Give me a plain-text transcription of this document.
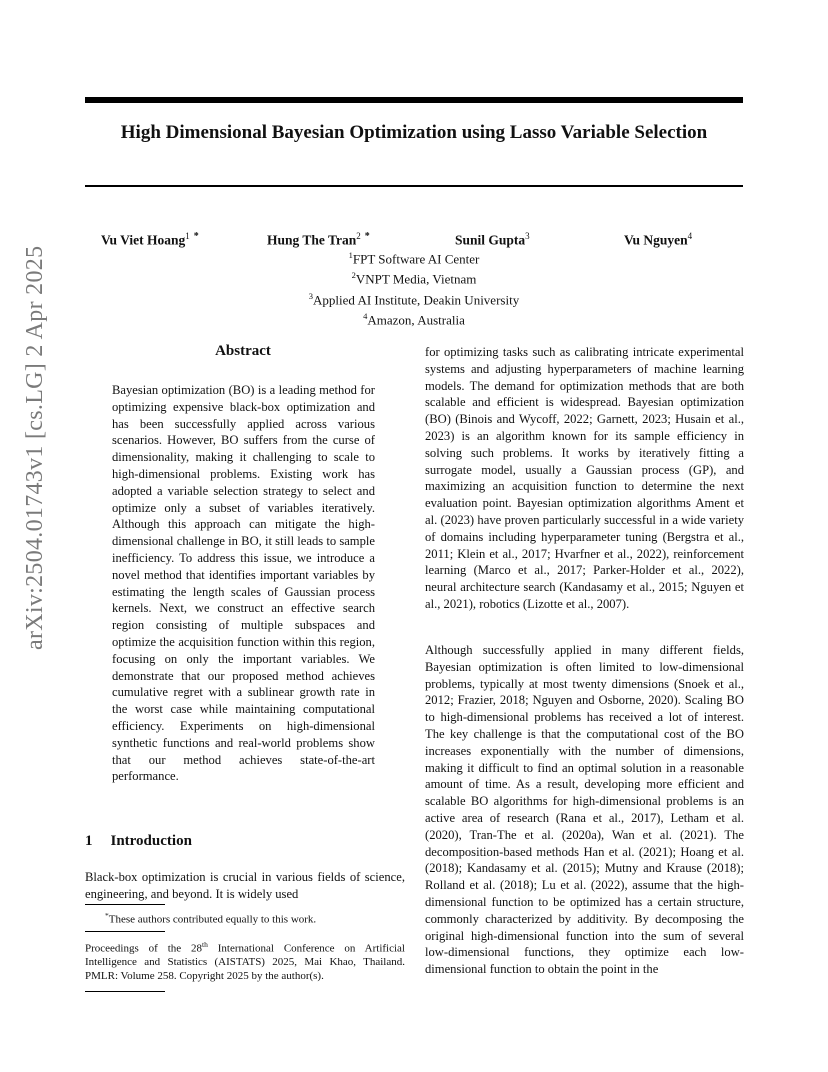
High Dimensional Bayesian Optimization using Lasso Variable Selection
Vu Viet Hoang$^1$ *	Hung The Tran$^2$ *	Sunil Gupta$^3$	Vu Nguyen$^4$
$^1$FPT Software AI Center
$^2$VNPT Media, Vietnam
$^3$Applied AI Institute, Deakin University
$^4$Amazon, Australia
arXiv:2504.01743v1 [cs.LG] 2 Apr 2025	Abstract

Bayesian optimization (BO) is a leading method for optimizing expensive black-box optimization and has been successfully applied across various scenarios. However, BO suffers from the curse of dimensionality, making it challenging to scale to high-dimensional problems. Existing work has adopted a variable selection strategy to select and optimize only a subset of variables iteratively. Although this approach can mitigate the high-dimensional challenge in BO, it still leads to sample inefficiency. To address this issue, we introduce a novel method that identifies important variables by estimating the length scales of Gaussian process kernels. Next, we construct an effective search region consisting of multiple subspaces and optimize the acquisition function within this region, focusing on only the important variables. We demonstrate that our proposed method achieves cumulative regret with a sublinear growth rate in the worst case while maintaining computational efficiency. Experiments on high-dimensional synthetic functions and real-world problems show that our method achieves state-of-the-art performance.

1 Introduction

Black-box optimization is crucial in various fields of science, engineering, and beyond. It is widely used

*These authors contributed equally to this work.

Proceedings of the 28th International Conference on Artificial Intelligence and Statistics (AISTATS) 2025, Mai Khao, Thailand. PMLR: Volume 258. Copyright 2025 by the author(s).

for optimizing tasks such as calibrating intricate experimental systems and adjusting hyperparameters of machine learning models. The demand for optimization methods that are both scalable and efficient is widespread. Bayesian optimization (BO) (Binois and Wycoff, 2022; Garnett, 2023; Husain et al., 2023) is an algorithm known for its sample efficiency in solving such problems. It works by iteratively fitting a surrogate model, usually a Gaussian process (GP), and maximizing an acquisition function to determine the next evaluation point. Bayesian optimization algorithms Ament et al. (2023) have proven particularly successful in a wide variety of domains including hyperparameter tuning (Bergstra et al., 2011; Klein et al., 2017; Hvarfner et al., 2022), reinforcement learning (Marco et al., 2017; Parker-Holder et al., 2022), neural architecture search (Kandasamy et al., 2015; Nguyen et al., 2021), robotics (Lizotte et al., 2007).

Although successfully applied in many different fields, Bayesian optimization is often limited to low-dimensional problems, typically at most twenty dimensions (Snoek et al., 2012; Frazier, 2018; Nguyen and Osborne, 2020). Scaling BO to high-dimensional problems has received a lot of interest. The key challenge is that the computational cost of the BO increases exponentially with the number of dimensions, making it difficult to find an optimal solution in a reasonable amount of time. As a result, developing more efficient and scalable BO algorithms for high-dimensional problems is an active area of research (Rana et al., 2017), Letham et al. (2020), Tran-The et al. (2020a), Wan et al. (2021). The decomposition-based methods Han et al. (2021); Hoang et al. (2018); Kandasamy et al. (2015); Mutny and Krause (2018); Rolland et al. (2018); Lu et al. (2022), assume that the high-dimensional function to be optimized has a certain structure, commonly characterized by additivity. By decomposing the original high-dimensional function into the sum of several low-dimensional functions, they optimize each low-dimensional function to obtain the point in the
